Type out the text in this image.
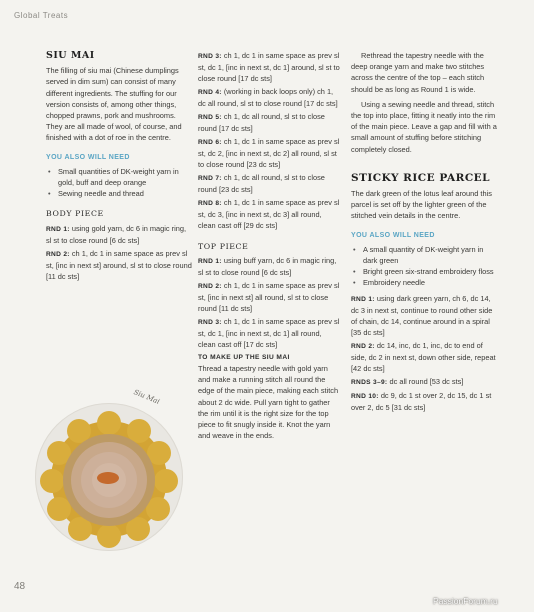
Global Treats
SIU MAI

The filling of siu mai (Chinese dumplings served in dim sum) can consist of many different ingredients. The stuffing for our version consists of, among other things, chopped prawns, pork and mushrooms. They are all made of wool, of course, and finished with a dot of roe in the centre.

YOU ALSO WILL NEED
• Small quantities of DK-weight yarn in gold, buff and deep orange
• Sewing needle and thread
BODY PIECE

RND 1: using gold yarn, dc 6 in magic ring, sl st to close round [6 dc sts]

RND 2: ch 1, dc 1 in same space as prev sl st, [inc in next st] around, sl st to close round [11 dc sts]

Siu Mai

RND 3: ch 1, dc 1 in same space as prev sl st, dc 1, [inc in next st, dc 1] around, sl st to close round [17 dc sts]

RND 4: (working in back loops only) ch 1, dc all round, sl st to close round [17 dc sts]

RND 5: ch 1, dc all round, sl st to close round [17 dc sts]

RND 6: ch 1, dc 1 in same space as prev sl st, dc 2, [inc in next st, dc 2] all round, sl st to close round [23 dc sts]

RND 7: ch 1, dc all round, sl st to close round [23 dc sts]

RND 8: ch 1, dc 1 in same space as prev sl st, dc 3, [inc in next st, dc 3] all round, clean cast off [29 dc sts]

TOP PIECE

RND 1: using buff yarn, dc 6 in magic ring, sl st to close round [6 dc sts]

RND 2: ch 1, dc 1 in same space as prev sl st, [inc in next st] all round, sl st to close round [11 dc sts]

RND 3: ch 1, dc 1 in same space as prev sl st, dc 1, [inc in next st, dc 1] all round, clean cast off [17 dc sts]

TO MAKE UP THE SIU MAI

Thread a tapestry needle with gold yarn and make a running stitch all round the edge of the main piece, making each stitch about 2 dc wide. Pull yarn tight to gather the rim until it is the right size for the top piece to fit snugly inside it. Knot the yarn and weave in the ends.

Rethread the tapestry needle with the deep orange yarn and make two stitches across the centre of the top – each stitch should be as long as Round 1 is wide.

Using a sewing needle and thread, stitch the top into place, fitting it neatly into the rim of the main piece. Leave a gap and fill with a small amount of stuffing before stitching completely closed.

STICKY RICE PARCEL

The dark green of the lotus leaf around this parcel is set off by the lighter green of the stitched vein details in the centre.

YOU ALSO WILL NEED
• A small quantity of DK-weight yarn in dark green
• Bright green six-strand embroidery floss
• Embroidery needle

RND 1: using dark green yarn, ch 6, dc 14, dc 3 in next st, continue to round other side of chain, dc 14, continue around in a spiral [35 dc sts]

RND 2: dc 14, inc, dc 1, inc, dc to end of side, dc 2 in next st, down other side, repeat [42 dc sts]

RNDS 3–9: dc all round [53 dc sts]

RND 10: dc 9, dc 1 st over 2, dc 15, dc 1 st over 2, dc 5 [31 dc sts]

48
PassionForum.ru
